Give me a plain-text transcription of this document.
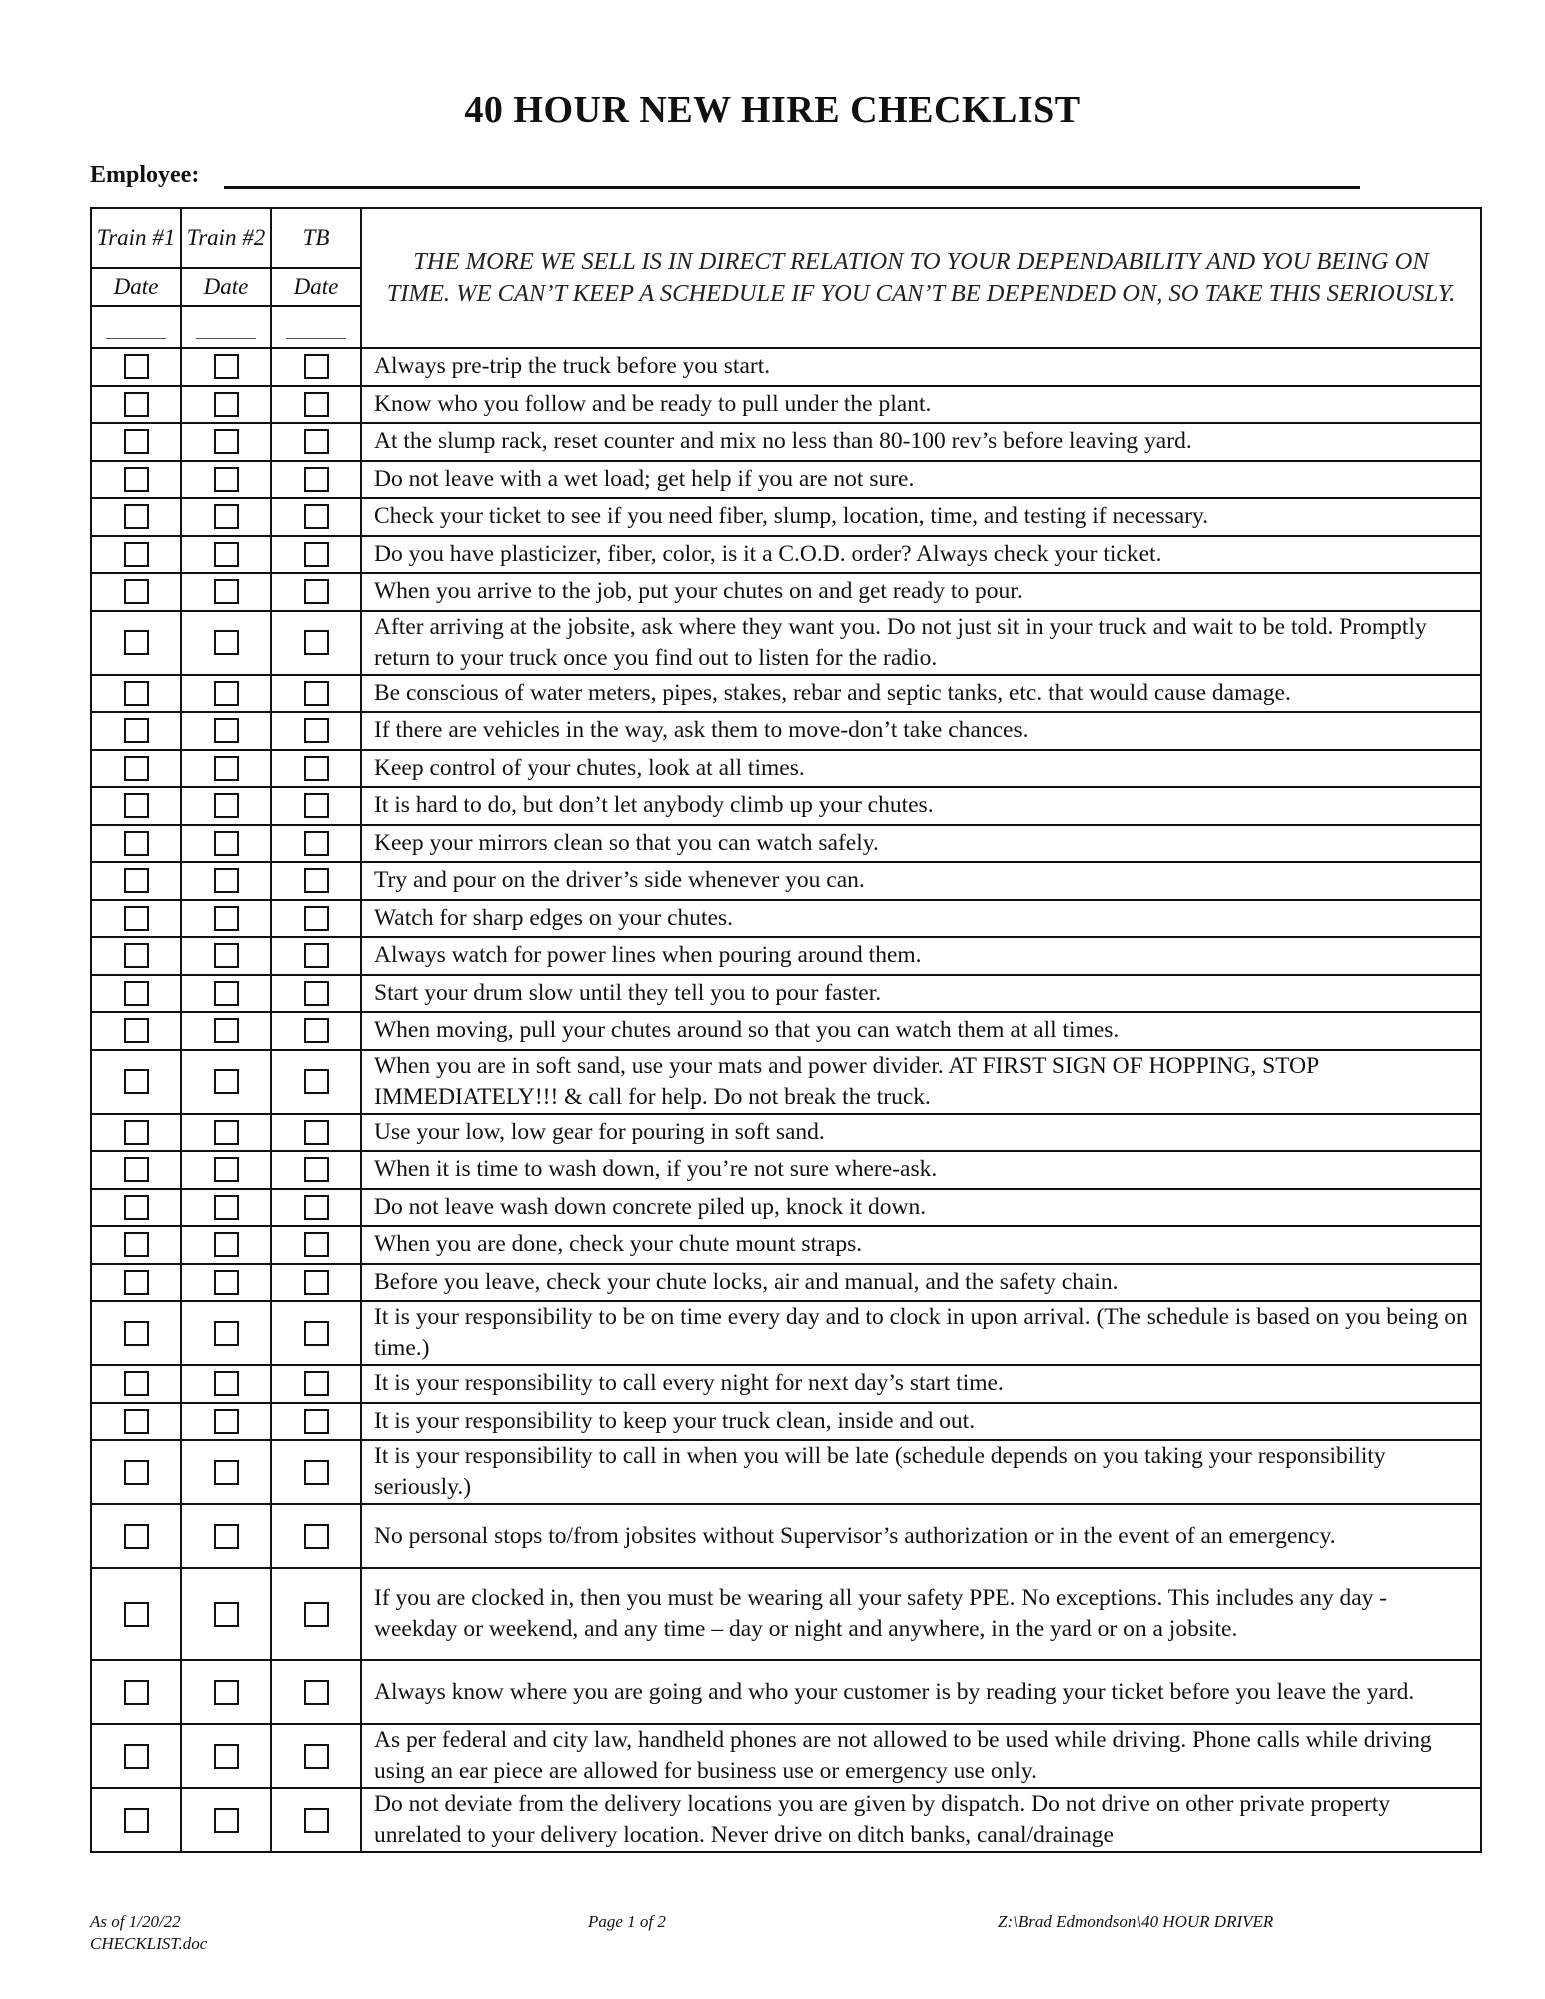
40 HOUR NEW HIRE CHECKLIST
Employee:
Train #1	Train #2	TB	THE MORE WE SELL IS IN DIRECT RELATION TO YOUR DEPENDABILITY AND YOU BEING ON TIME. WE CAN’T KEEP A SCHEDULE IF YOU CAN’T BE DEPENDED ON, SO TAKE THIS SERIOUSLY.
Date	Date	Date	

			Always pre-trip the truck before you start.
			Know who you follow and be ready to pull under the plant.
			At the slump rack, reset counter and mix no less than 80-100 rev’s before leaving yard.
			Do not leave with a wet load; get help if you are not sure.
			Check your ticket to see if you need fiber, slump, location, time, and testing if necessary.
			Do you have plasticizer, fiber, color, is it a C.O.D. order? Always check your ticket.
			When you arrive to the job, put your chutes on and get ready to pour.
			After arriving at the jobsite, ask where they want you. Do not just sit in your truck and wait to be told. Promptly return to your truck once you find out to listen for the radio.
			Be conscious of water meters, pipes, stakes, rebar and septic tanks, etc. that would cause damage.
			If there are vehicles in the way, ask them to move-don’t take chances.
			Keep control of your chutes, look at all times.
			It is hard to do, but don’t let anybody climb up your chutes.
			Keep your mirrors clean so that you can watch safely.
			Try and pour on the driver’s side whenever you can.
			Watch for sharp edges on your chutes.
			Always watch for power lines when pouring around them.
			Start your drum slow until they tell you to pour faster.
			When moving, pull your chutes around so that you can watch them at all times.
			When you are in soft sand, use your mats and power divider. AT FIRST SIGN OF HOPPING, STOP IMMEDIATELY!!! & call for help. Do not break the truck.
			Use your low, low gear for pouring in soft sand.
			When it is time to wash down, if you’re not sure where-ask.
			Do not leave wash down concrete piled up, knock it down.
			When you are done, check your chute mount straps.
			Before you leave, check your chute locks, air and manual, and the safety chain.
			It is your responsibility to be on time every day and to clock in upon arrival. (The schedule is based on you being on time.)
			It is your responsibility to call every night for next day’s start time.
			It is your responsibility to keep your truck clean, inside and out.
			It is your responsibility to call in when you will be late (schedule depends on you taking your responsibility seriously.)
			No personal stops to/from jobsites without Supervisor’s authorization or in the event of an emergency.
			If you are clocked in, then you must be wearing all your safety PPE. No exceptions. This includes any day - weekday or weekend, and any time – day or night and anywhere, in the yard or on a jobsite.
			Always know where you are going and who your customer is by reading your ticket before you leave the yard.
			As per federal and city law, handheld phones are not allowed to be used while driving. Phone calls while driving using an ear piece are allowed for business use or emergency use only.
			Do not deviate from the delivery locations you are given by dispatch. Do not drive on other private property unrelated to your delivery location. Never drive on ditch banks, canal/drainage
As of 1/20/22
CHECKLIST.doc
Page 1 of 2	Z:\Brad Edmondson\40 HOUR DRIVER
